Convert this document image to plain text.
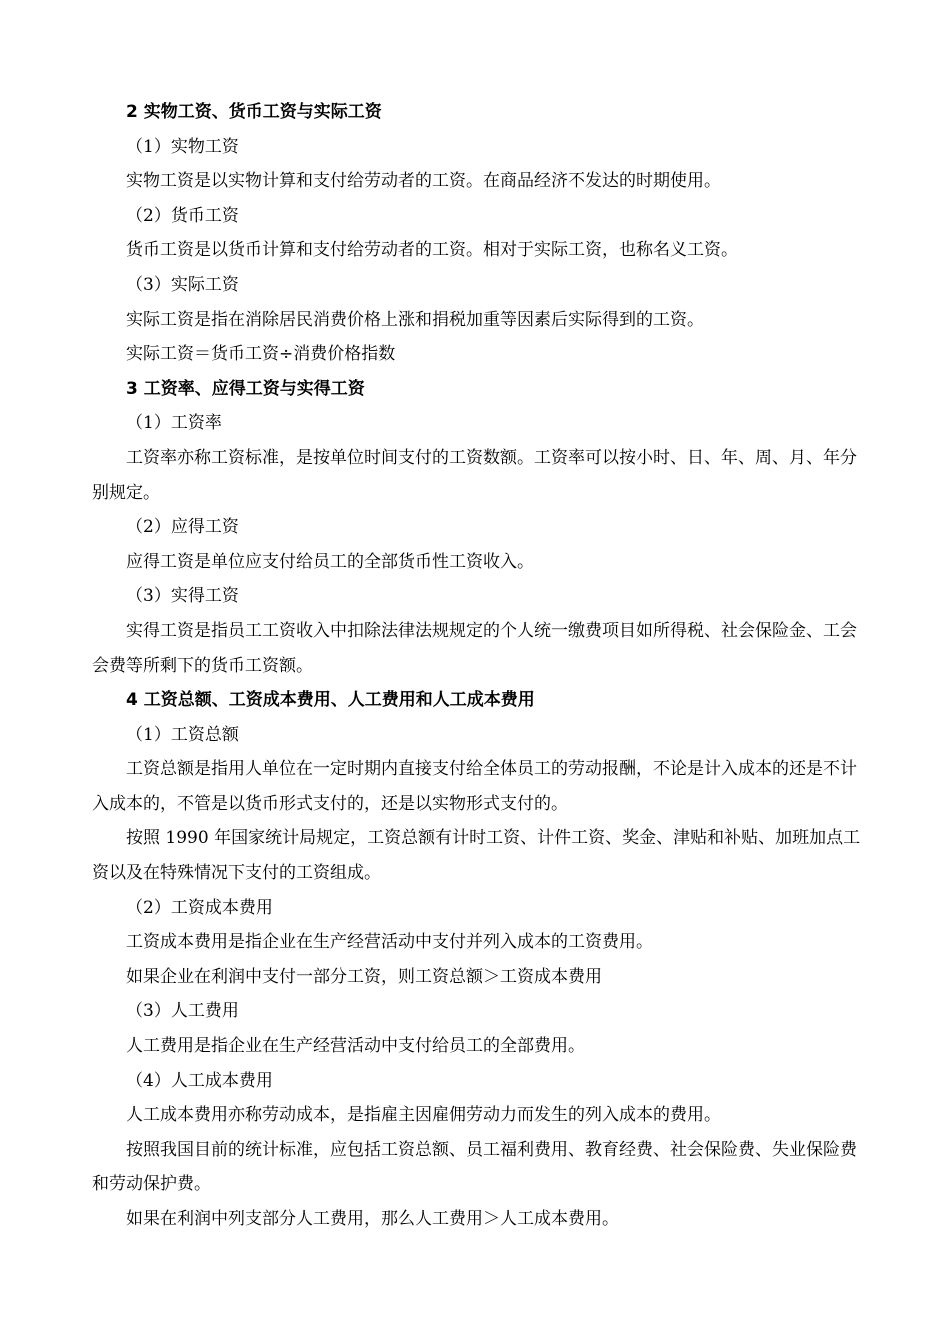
2 实物工资、货币工资与实际工资

（1）实物工资

实物工资是以实物计算和支付给劳动者的工资。在商品经济不发达的时期使用。

（2）货币工资

货币工资是以货币计算和支付给劳动者的工资。相对于实际工资，也称名义工资。

（3）实际工资

实际工资是指在消除居民消费价格上涨和捐税加重等因素后实际得到的工资。

实际工资＝货币工资÷消费价格指数

3 工资率、应得工资与实得工资

（1）工资率

工资率亦称工资标准，是按单位时间支付的工资数额。工资率可以按小时、日、年、周、月、年分别规定。

（2）应得工资

应得工资是单位应支付给员工的全部货币性工资收入。

（3）实得工资

实得工资是指员工工资收入中扣除法律法规规定的个人统一缴费项目如所得税、社会保险金、工会会费等所剩下的货币工资额。

4 工资总额、工资成本费用、人工费用和人工成本费用

（1）工资总额

工资总额是指用人单位在一定时期内直接支付给全体员工的劳动报酬，不论是计入成本的还是不计入成本的，不管是以货币形式支付的，还是以实物形式支付的。

按照 1990 年国家统计局规定，工资总额有计时工资、计件工资、奖金、津贴和补贴、加班加点工资以及在特殊情况下支付的工资组成。

（2）工资成本费用

工资成本费用是指企业在生产经营活动中支付并列入成本的工资费用。

如果企业在利润中支付一部分工资，则工资总额＞工资成本费用

（3）人工费用

人工费用是指企业在生产经营活动中支付给员工的全部费用。

（4）人工成本费用

人工成本费用亦称劳动成本，是指雇主因雇佣劳动力而发生的列入成本的费用。

按照我国目前的统计标准，应包括工资总额、员工福利费用、教育经费、社会保险费、失业保险费和劳动保护费。

如果在利润中列支部分人工费用，那么人工费用＞人工成本费用。
